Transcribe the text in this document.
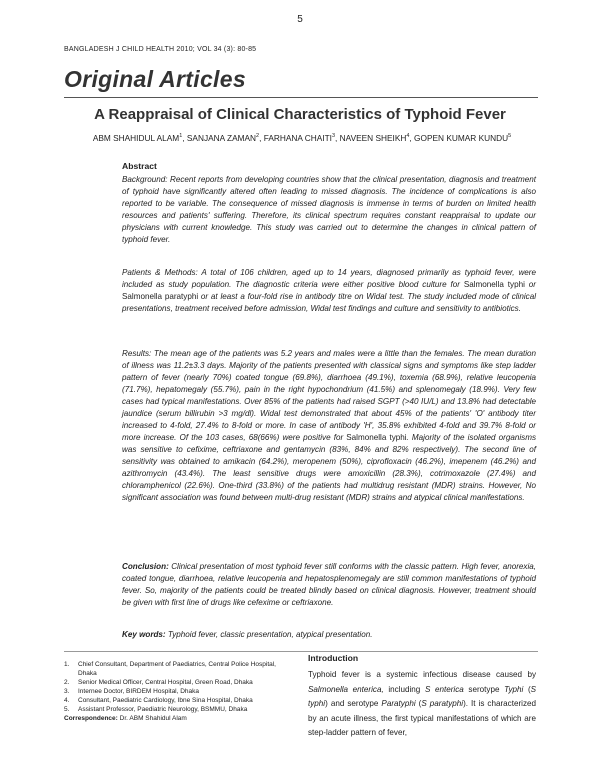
5
BANGLADESH J CHILD HEALTH 2010; VOL 34 (3): 80-85
Original Articles
A Reappraisal of Clinical Characteristics of Typhoid Fever
ABM SHAHIDUL ALAM$^1$, SANJANA ZAMAN$^2$, FARHANA CHAITI$^3$, NAVEEN SHEIKH$^4$, GOPEN KUMAR KUNDU$^5$
Abstract

Background: Recent reports from developing countries show that the clinical presentation, diagnosis and treatment of typhoid have significantly altered often leading to missed diagnosis. The incidence of complications is also reported to be variable. The consequence of missed diagnosis is immense in terms of burden on limited health resources and patients' suffering. Therefore, its clinical spectrum requires constant reappraisal to update our physicians with current knowledge. This study was carried out to determine the changes in clinical pattern of typhoid fever.

Patients & Methods: A total of 106 children, aged up to 14 years, diagnosed primarily as typhoid fever, were included as study population. The diagnostic criteria were either positive blood culture for Salmonella typhi or Salmonella paratyphi or at least a four-fold rise in antibody titre on Widal test. The study included mode of clinical presentations, treatment received before admission, Widal test findings and culture and sensitivity to antibiotics.

Results: The mean age of the patients was 5.2 years and males were a little than the females. The mean duration of illness was 11.2±3.3 days. Majority of the patients presented with classical signs and symptoms like step ladder pattern of fever (nearly 70%) coated tongue (69.8%), diarrhoea (49.1%), toxemia (68.9%), relative leucopenia (71.7%), hepatomegaly (55.7%), pain in the right hypochondrium (41.5%) and splenomegaly (18.9%). Very few cases had typical manifestations. Over 85% of the patients had raised SGPT (>40 IU/L) and 13.8% had detectable jaundice (serum billirubin >3 mg/dl). Widal test demonstrated that about 45% of the patients' 'O' antibody titer increased to 4-fold, 27.4% to 8-fold or more. In case of antibody 'H', 35.8% exhibited 4-fold and 39.7% 8-fold or more increase. Of the 103 cases, 68(66%) were positive for Salmonella typhi. Majority of the isolated organisms was sensitive to cefixime, ceftriaxone and gentamycin (83%, 84% and 82% respectively). The second line of sensitivity was obtained to amikacin (64.2%), meropenem (50%), ciprofloxacin (46.2%), imepenem (46.2%) and azithromycin (43.4%). The least sensitive drugs were amoxicillin (28.3%), cotrimoxazole (27.4%) and chloramphenicol (22.6%). One-third (33.8%) of the patients had multidrug resistant (MDR) strains. However, No significant association was found between multi-drug resistant (MDR) strains and atypical clinical manifestations.

Conclusion: Clinical presentation of most typhoid fever still conforms with the classic pattern. High fever, anorexia, coated tongue, diarrhoea, relative leucopenia and hepatosplenomegaly are still common manifestations of typhoid fever. So, majority of the patients could be treated blindly based on clinical diagnosis. However, treatment should be given with first line of drugs like cefexime or ceftriaxone.

Key words: Typhoid fever, classic presentation, atypical presentation.

1. Chief Consultant, Department of Paediatrics, Central Police Hospital, Dhaka
2. Senior Medical Officer, Central Hospital, Green Road, Dhaka
3. Internee Doctor, BIRDEM Hospital, Dhaka
4. Consultant, Paediatric Cardiology, Ibne Sina Hospital, Dhaka
5. Assistant Professor, Paediatric Neurology, BSMMU, Dhaka
Correspondence: Dr. ABM Shahidul Alam
Introduction
Typhoid fever is a systemic infectious disease caused by Salmonella enterica, including S enterica serotype Typhi (S typhi) and serotype Paratyphi (S paratyphi). It is characterized by an acute illness, the first typical manifestations of which are step-ladder pattern of fever,
